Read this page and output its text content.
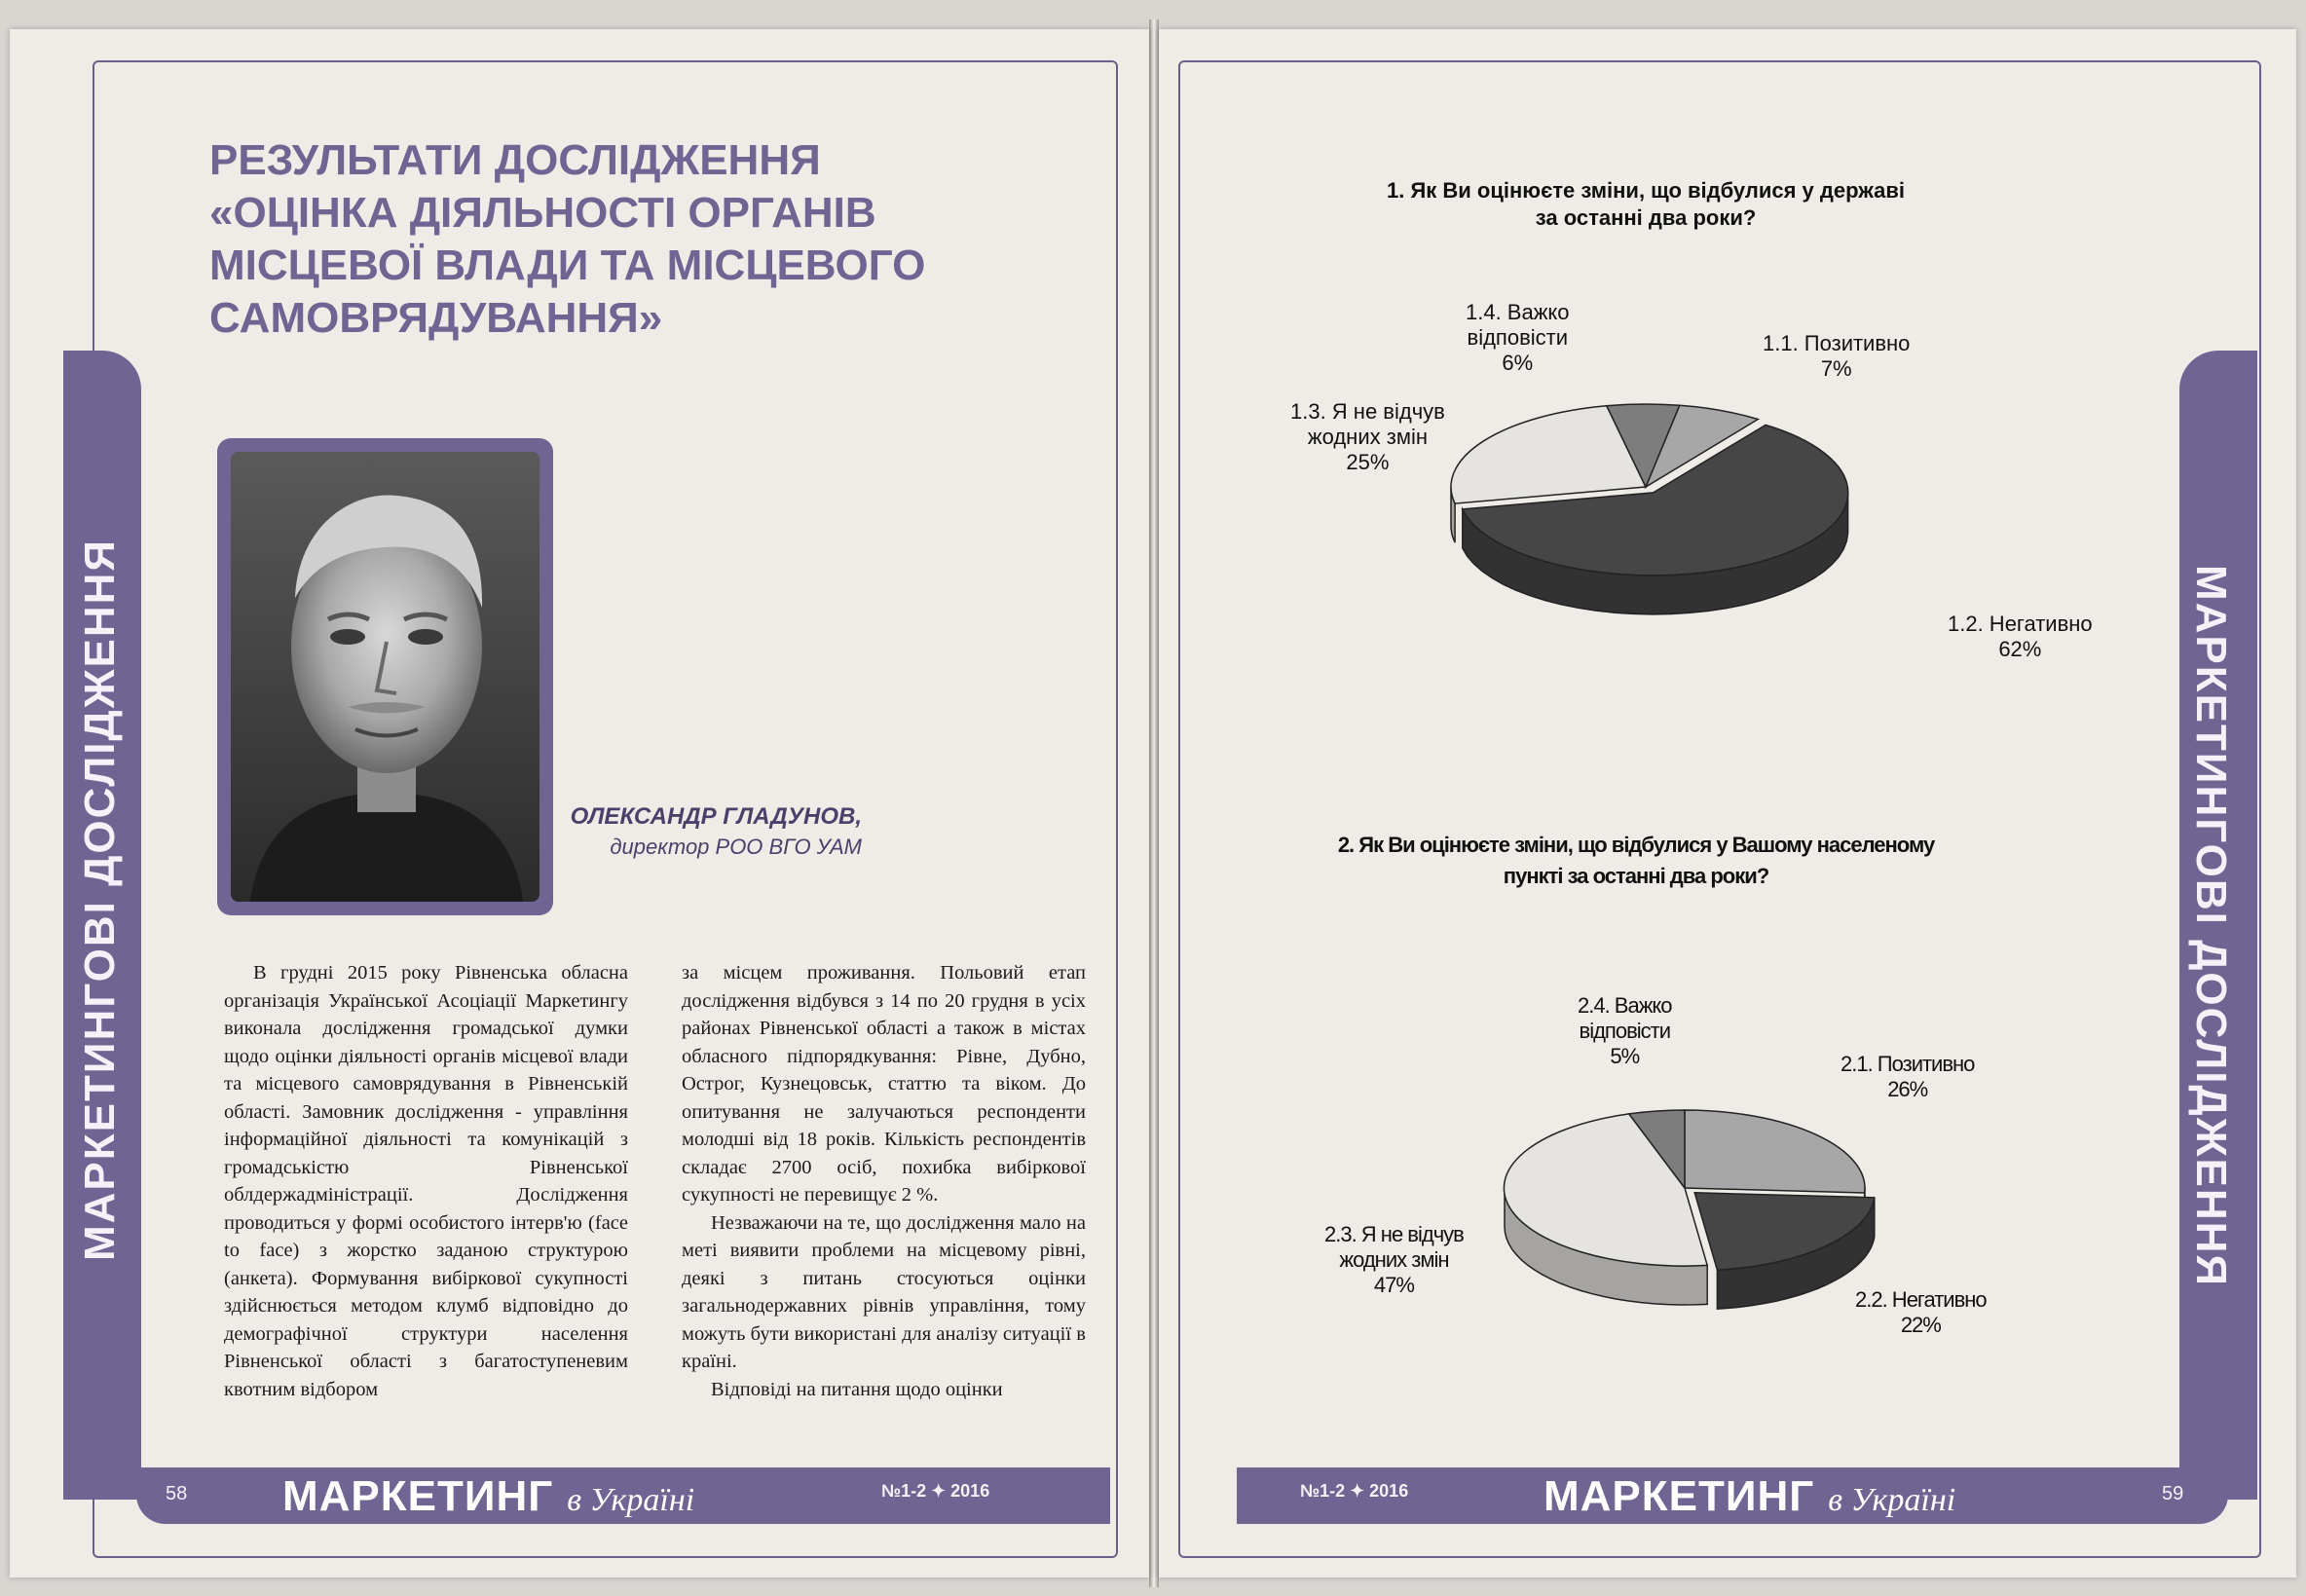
МАРКЕТИНГОВІ ДОСЛІДЖЕННЯ
РЕЗУЛЬТАТИ ДОСЛІДЖЕННЯ
«ОЦІНКА ДІЯЛЬНОСТІ ОРГАНІВ
МІСЦЕВОЇ ВЛАДИ ТА МІСЦЕВОГО
САМОВРЯДУВАННЯ»
ОЛЕКСАНДР ГЛАДУНОВ,
директор РОО ВГО УАМ

В грудні 2015 року Рівненська обласна організація Української Асоціації Маркетингу виконала дослідження громадської думки щодо оцінки діяльності органів місцевої влади та місцевого самоврядування в Рівненській області. Замовник дослідження - управління інформаційної діяльності та комунікацій з громадськістю Рівненської облдержадміністрації. Дослідження проводиться у формі особистого інтерв'ю (face to face) з жорстко заданою структурою (анкета). Формування вибіркової сукупності здійснюється методом клумб відповідно до демографічної структури населення Рівненської області з багатоступеневим квотним відбором

за місцем проживання. Польовий етап дослідження відбувся з 14 по 20 грудня в усіх районах Рівненської області а також в містах обласного підпорядкування: Рівне, Дубно, Острог, Кузнецовськ, статтю та віком. До опитування не залучаються респонденти молодші від 18 років. Кількість респондентів складає 2700 осіб, похибка вибіркової сукупності не перевищує 2 %.

Незважаючи на те, що дослідження мало на меті виявити проблеми на місцевому рівні, деякі з питань стосуються оцінки загальнодержавних рівнів управління, тому можуть бути використані для аналізу ситуації в країні.

Відповіді на питання щодо оцінки

МАРКЕТИНГ в Україні	№1-2 ✦ 2016
58
МАРКЕТИНГОВІ ДОСЛІДЖЕННЯ
1. Як Ви оцінюєте зміни, що відбулися у державі
за останні два роки?
1.4. Важко
відповісти
6%
1.1. Позитивно
7%
1.3. Я не відчув
жодних змін
25%
1.2. Негативно
62%
2. Як Ви оцінюєте зміни, що відбулися у Вашому населеному
пункті за останні два роки?
2.4. Важко
відповісти
5%	2.1. Позитивно
26%
2.3. Я не відчув
жодних змін
47%
2.2. Негативно
22%
МАРКЕТИНГ в Україні
№1-2 ✦ 2016	59
